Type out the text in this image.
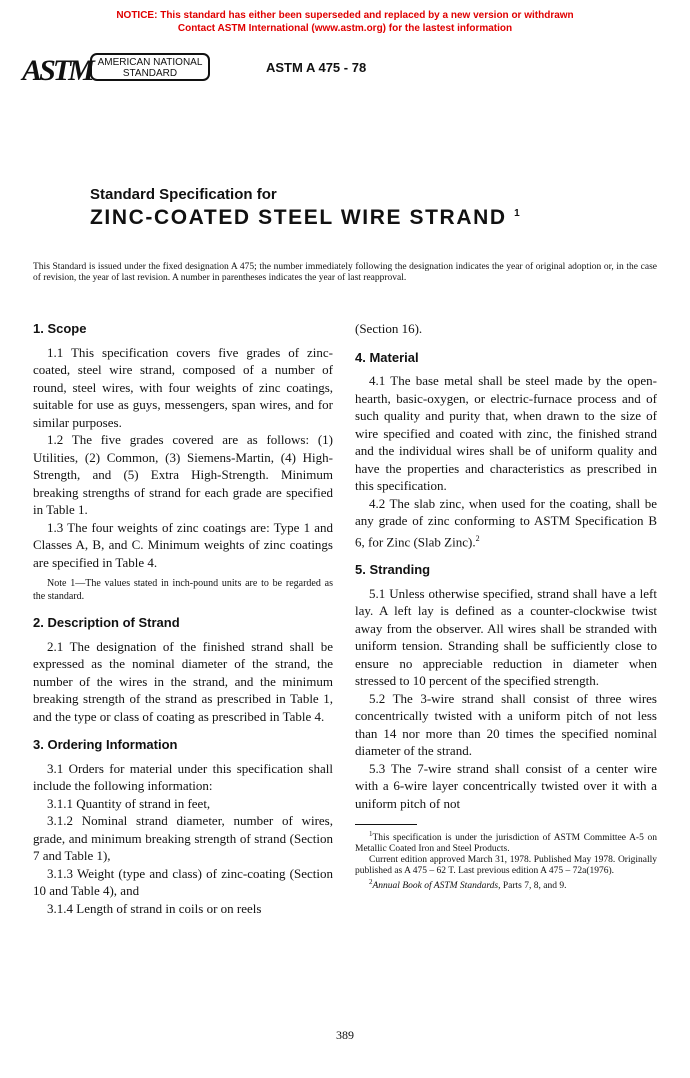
NOTICE: This standard has either been superseded and replaced by a new version or withdrawn
Contact ASTM International (www.astm.org) for the lastest information
ASTM AMERICAN NATIONAL
STANDARD	ASTM A 475 - 78
Standard Specification for
ZINC-COATED STEEL WIRE STRAND $^1$
This Standard is issued under the fixed designation A 475; the number immediately following the designation indicates the year of original adoption or, in the case of revision, the year of last revision. A number in parentheses indicates the year of last reapproval.
1. Scope

1.1 This specification covers five grades of zinc-coated, steel wire strand, composed of a number of round, steel wires, with four weights of zinc coatings, suitable for use as guys, messengers, span wires, and for similar purposes.

1.2 The five grades covered are as follows: (1) Utilities, (2) Common, (3) Siemens-Martin, (4) High-Strength, and (5) Extra High-Strength. Minimum breaking strengths of strand for each grade are specified in Table 1.

1.3 The four weights of zinc coatings are: Type 1 and Classes A, B, and C. Minimum weights of zinc coatings are specified in Table 4.

Note 1—The values stated in inch-pound units are to be regarded as the standard.

2. Description of Strand

2.1 The designation of the finished strand shall be expressed as the nominal diameter of the strand, the number of the wires in the strand, and the minimum breaking strength of the strand as prescribed in Table 1, and the type or class of coating as prescribed in Table 4.

3. Ordering Information

3.1 Orders for material under this specification shall include the following information:

3.1.1 Quantity of strand in feet,

3.1.2 Nominal strand diameter, number of wires, grade, and minimum breaking strength of strand (Section 7 and Table 1),

3.1.3 Weight (type and class) of zinc-coating (Section 10 and Table 4), and

3.1.4 Length of strand in coils or on reels

(Section 16).

4. Material

4.1 The base metal shall be steel made by the open-hearth, basic-oxygen, or electric-furnace process and of such quality and purity that, when drawn to the size of wire specified and coated with zinc, the finished strand and the individual wires shall be of uniform quality and have the properties and characteristics as prescribed in this specification.

4.2 The slab zinc, when used for the coating, shall be any grade of zinc conforming to ASTM Specification B 6, for Zinc (Slab Zinc).$^2$

5. Stranding

5.1 Unless otherwise specified, strand shall have a left lay. A left lay is defined as a counter-clockwise twist away from the observer. All wires shall be stranded with uniform tension. Stranding shall be sufficiently close to ensure no appreciable reduction in diameter when stressed to 10 percent of the specified strength.

5.2 The 3-wire strand shall consist of three wires concentrically twisted with a uniform pitch of not less than 14 nor more than 20 times the specified nominal diameter of the strand.

5.3 The 7-wire strand shall consist of a center wire with a 6-wire layer concentrically twisted over it with a uniform pitch of not

$^1$This specification is under the jurisdiction of ASTM Committee A-5 on Metallic Coated Iron and Steel Products.

Current edition approved March 31, 1978. Published May 1978. Originally published as A 475 – 62 T. Last previous edition A 475 – 72a(1976).

$^2$Annual Book of ASTM Standards, Parts 7, 8, and 9.

389
